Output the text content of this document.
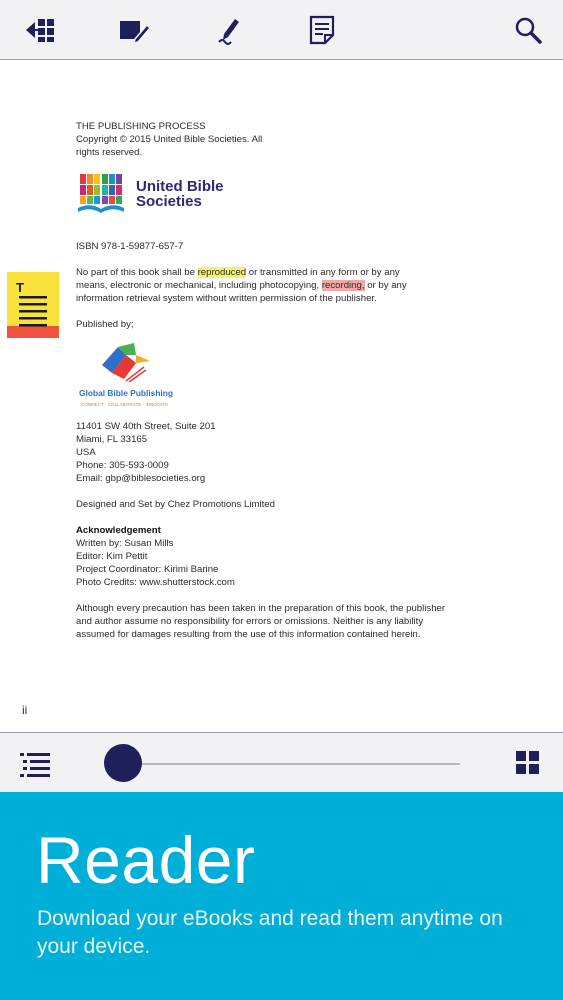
THE PUBLISHING PROCESS

Copyright © 2015 United Bible Societies. All

rights reserved.

United Bible
Societies

ISBN 978-1-59877-657-7

No part of this book shall be reproduced or transmitted in any form or by any

means, electronic or mechanical, including photocopying, recording, or by any

information retrieval system without written permission of the publisher.

Published by;

Global Bible Publishing
CONNECT · COLLABORATE · INNOVATE

11401 SW 40th Street, Suite 201

Miami, FL 33165

USA

Phone: 305-593-0009

Email: gbp@biblesocieties.org

Designed and Set by Chez Promotions Limited

Acknowledgement

Written by: Susan Mills

Editor: Kim Pettit

Project Coordinator: Kirimi Barine

Photo Credits: www.shutterstock.com

Although every precaution has been taken in the preparation of this book, the publisher

and author assume no responsibility for errors or omissions. Neither is any liability

assumed for damages resulting from the use of this information contained herein.

ii
T
Reader
Download your eBooks and read them anytime on your device.
